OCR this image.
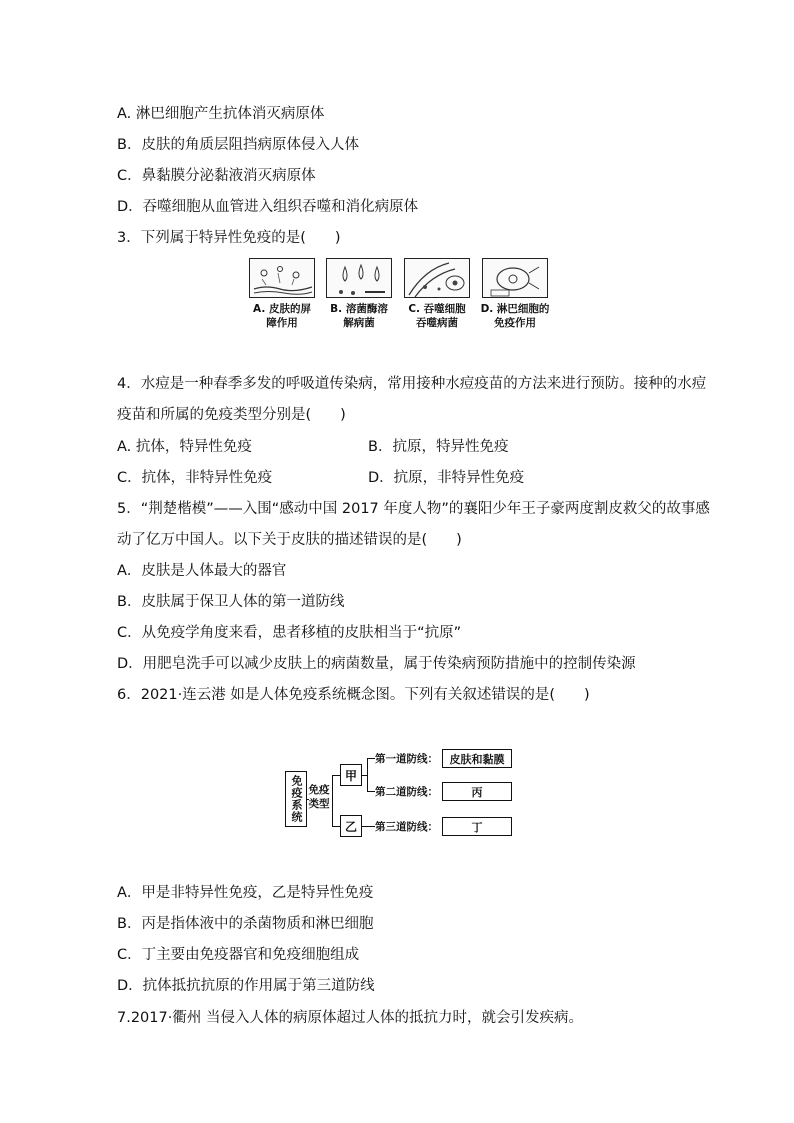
A. 淋巴细胞产生抗体消灭病原体
B．皮肤的角质层阻挡病原体侵入人体
C．鼻黏膜分泌黏液消灭病原体
D．吞噬细胞从血管进入组织吞噬和消化病原体
3．下列属于特异性免疫的是(　　)
A. 皮肤的屏
障作用
B. 溶菌酶溶
解病菌
C. 吞噬细胞
吞噬病菌
D. 淋巴细胞的
免疫作用
4．水痘是一种春季多发的呼吸道传染病，常用接种水痘疫苗的方法来进行预防。接种的水痘
疫苗和所属的免疫类型分别是(　　)
A. 抗体，特异性免疫	B．抗原，特异性免疫
C．抗体，非特异性免疫	D．抗原，非特异性免疫
5．“荆楚楷模”——入围“感动中国 2017 年度人物”的襄阳少年王子豪两度割皮救父的故事感
动了亿万中国人。以下关于皮肤的描述错误的是(　　)
A．皮肤是人体最大的器官
B．皮肤属于保卫人体的第一道防线
C．从免疫学角度来看，患者移植的皮肤相当于“抗原”
D．用肥皂洗手可以减少皮肤上的病菌数量，属于传染病预防措施中的控制传染源
6．2021·连云港 如是人体免疫系统概念图。下列有关叙述错误的是(　　)
免疫系统 免疫类型
甲
乙
第一道防线：
第二道防线：
第三道防线：
皮肤和黏膜
丙
丁
A．甲是非特异性免疫，乙是特异性免疫
B．丙是指体液中的杀菌物质和淋巴细胞
C．丁主要由免疫器官和免疫细胞组成
D．抗体抵抗抗原的作用属于第三道防线
7.2017·衢州 当侵入人体的病原体超过人体的抵抗力时，就会引发疾病。
